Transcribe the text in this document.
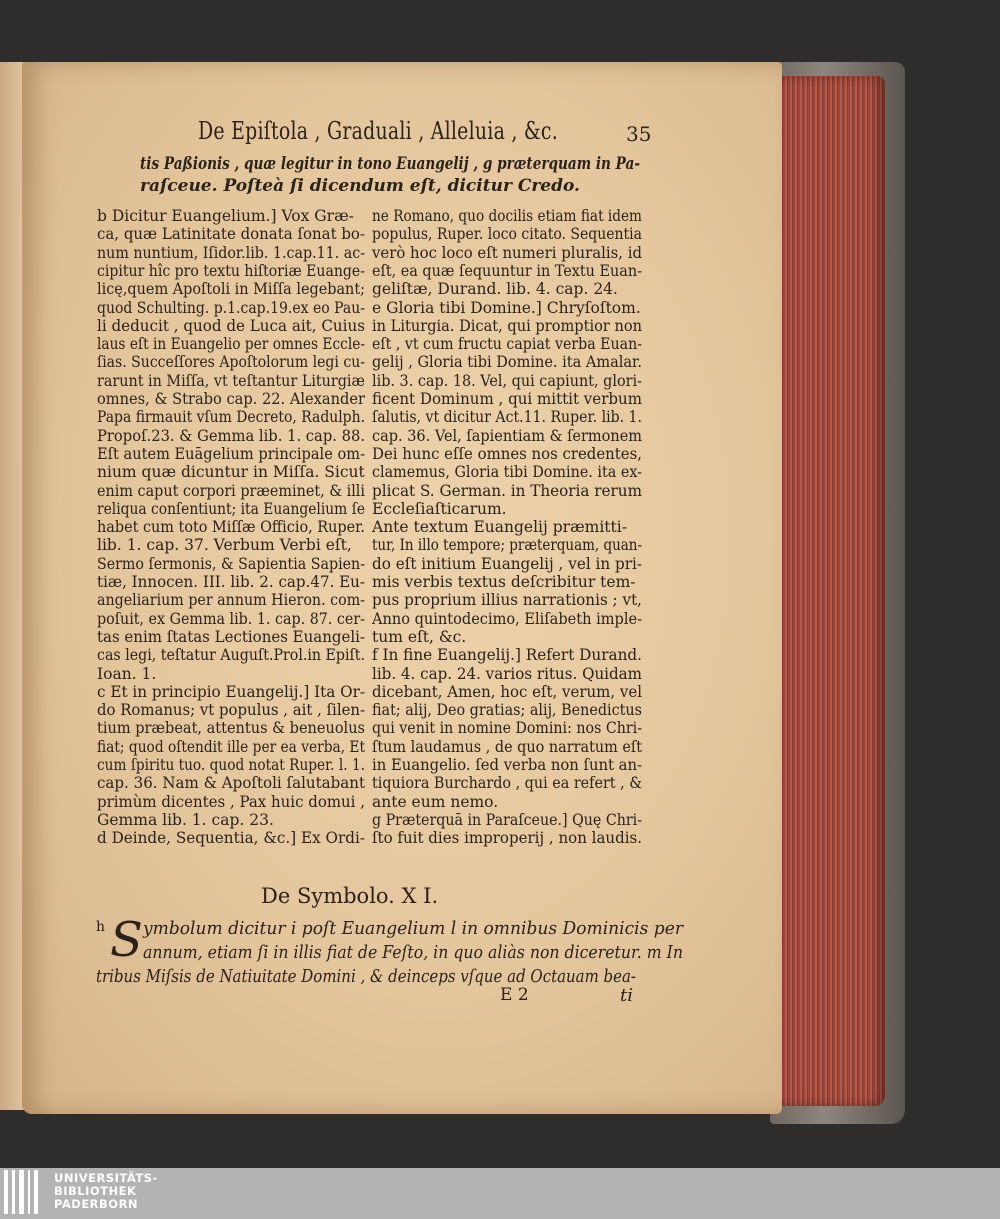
De Epiſtola , Graduali , Alleluia , &c.	35
tis Paßionis , quæ legitur in tono Euangelij , g præterquam in Pa-
raſceue. Poſteà ſi dicendum eſt, dicitur Credo.
b Dicitur Euangelium.] Vox Græ-
ca, quæ Latinitate donata ſonat bo-
num nuntium, Iſidor.lib. 1.cap.11. ac-
cipitur hîc pro textu hiſtoriæ Euange-
licę,quem Apoſtoli in Miſſa legebant;
quod Schulting. p.1.cap.19.ex eo Pau-
li deducit , quod de Luca ait, Cuius
laus eſt in Euangelio per omnes Eccle-
ſias. Succeſſores Apoſtolorum legi cu-
rarunt in Miſſa, vt teſtantur Liturgiæ
omnes, & Strabo cap. 22. Alexander
Papa firmauit vſum Decreto, Radulph.
Propoſ.23. & Gemma lib. 1. cap. 88.
Eſt autem Euāgelium principale om-
nium quæ dicuntur in Miſſa. Sicut
enim caput corpori præeminet, & illi
reliqua conſentiunt; ita Euangelium ſe
habet cum toto Miſſæ Officio, Ruper.
lib. 1. cap. 37. Verbum Verbi eſt,
Sermo ſermonis, & Sapientia Sapien-
tiæ, Innocen. III. lib. 2. cap.47. Eu-
angeliarium per annum Hieron. com-
poſuit, ex Gemma lib. 1. cap. 87. cer-
tas enim ſtatas Lectiones Euangeli-
cas legi, teſtatur Auguſt.Prol.in Epiſt.
Ioan. 1.
c Et in principio Euangelij.] Ita Or-
do Romanus; vt populus , ait , ſilen-
tium præbeat, attentus & beneuolus
fiat; quod oſtendit ille per ea verba, Et
cum ſpiritu tuo. quod notat Ruper. l. 1.
cap. 36. Nam & Apoſtoli ſalutabant
primùm dicentes , Pax huic domui ,
Gemma lib. 1. cap. 23.
d Deinde, Sequentia, &c.] Ex Ordi-
ne Romano, quo docilis etiam fiat idem
populus, Ruper. loco citato. Sequentia
verò hoc loco eſt numeri pluralis, id
eſt, ea quæ ſequuntur in Textu Euan-
geliſtæ, Durand. lib. 4. cap. 24.
e Gloria tibi Domine.] Chryſoſtom.
in Liturgia. Dicat, qui promptior non
eſt , vt cum fructu capiat verba Euan-
gelij , Gloria tibi Domine. ita Amalar.
lib. 3. cap. 18. Vel, qui capiunt, glori-
ficent Dominum , qui mittit verbum
ſalutis, vt dicitur Act.11. Ruper. lib. 1.
cap. 36. Vel, ſapientiam & ſermonem
Dei hunc eſſe omnes nos credentes,
clamemus, Gloria tibi Domine. ita ex-
plicat S. German. in Theoria rerum
Eccleſiaſticarum.
Ante textum Euangelij præmitti-
tur, In illo tempore; præterquam, quan-
do eſt initium Euangelij , vel in pri-
mis verbis textus deſcribitur tem-
pus proprium illius narrationis ; vt,
Anno quintodecimo, Eliſabeth imple-
tum eſt, &c.
f In fine Euangelij.] Refert Durand.
lib. 4. cap. 24. varios ritus. Quidam
dicebant, Amen, hoc eſt, verum, vel
fiat; alij, Deo gratias; alij, Benedictus
qui venit in nomine Domini: nos Chri-
ſtum laudamus , de quo narratum eſt
in Euangelio. ſed verba non ſunt an-
tiquiora Burchardo , qui ea refert , &
ante eum nemo.
g Præterquā in Paraſceue.] Quę Chri-
ſto fuit dies improperij , non laudis.
De Symbolo. X I.
h S ymbolum dicitur i poſt Euangelium l in omnibus Dominicis per
annum, etiam ſi in illis fiat de Feſto, in quo aliàs non diceretur. m In
tribus Miſsis de Natiuitate Domini , & deinceps vſque ad Octauam bea-
E 2	ti
UNIVERSITÄTS-
BIBLIOTHEK
PADERBORN
